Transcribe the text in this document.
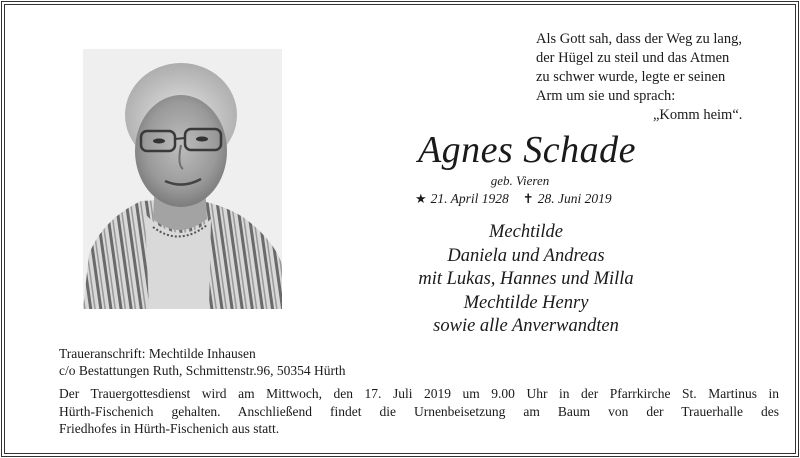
Als Gott sah, dass der Weg zu lang,
der Hügel zu steil und das Atmen
zu schwer wurde, legte er seinen
Arm um sie und sprach:
„Komm heim“.
Agnes Schade
geb. Vieren
★ 21. April 1928 ✝ 28. Juni 2019
Mechtilde
Daniela und Andreas
mit Lukas, Hannes und Milla
Mechtilde Henry
sowie alle Anverwandten
Traueranschrift: Mechtilde Inhausen
c/o Bestattungen Ruth, Schmittenstr.96, 50354 Hürth
Der Trauergottesdienst wird am Mittwoch, den 17. Juli 2019 um 9.00 Uhr in der Pfarrkirche St. Martinus in
Hürth-Fischenich gehalten. Anschließend findet die Urnenbeisetzung am Baum von der Trauerhalle des
Friedhofes in Hürth-Fischenich aus statt.
